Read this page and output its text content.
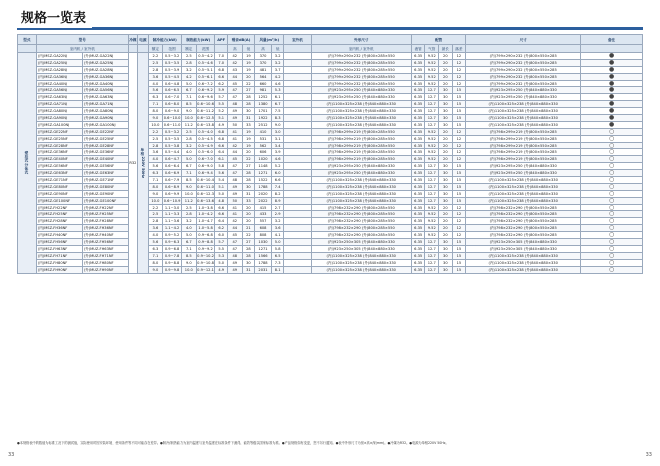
规格一览表
型式	型号		冷媒	电源	制冷能力(kW)		制热能力(kW)		APF	噪音dB(A)		风量(m³/h)		室外机	外形尺寸	配管				尺寸	备注
	室内机 / 室外机				额定	范围	额定	范围		高	低	高	低		室内机 / 室外机	液管	气管	最长	落差		
壁挂式 分体式	(内)MSZ-GA22NJ	(外)MUZ-GA22NJ	R32	单相 220V 50Hz	2.2	0.5~3.2	2.5	0.5~4.2	7.0	42	19	370	3.2		(内)799×290×232 (外)800×285×550	6.35	9.52	20	12	(内)799×290×232 (外)800×550×285	●
	(内)MSZ-GA25NJ	(外)MUZ-GA25NJ			2.5	0.5~3.5	2.8	0.5~4.6	7.0	42	19	370	3.2		(内)799×290×232 (外)800×285×550	6.35	9.52	20	12	(内)799×290×232 (外)800×550×285	●
	(内)MSZ-GA28NJ	(外)MUZ-GA28NJ			2.8	0.5~3.9	3.2	0.5~5.1	6.8	43	19	481	3.7		(内)799×290×232 (外)800×285×550	6.35	9.52	20	12	(内)799×290×232 (外)800×550×285	●
	(内)MSZ-GA36NJ	(外)MUZ-GA36NJ			3.6	0.5~4.5	4.2	0.5~6.1	6.6	44	20	564	4.2		(内)799×290×232 (外)800×285×550	6.35	9.52	20	12	(内)799×290×232 (外)800×550×285	●
	(内)MSZ-GA40NJ	(外)MUZ-GA40NJ			4.0	0.6~4.8	5.0	0.6~7.2	6.2	45	22	660	4.6		(内)799×290×232 (外)800×285×550	6.35	9.52	20	12	(内)799×290×232 (外)800×550×285	●
	(内)MSZ-GA56NJ	(外)MUZ-GA56NJ			5.6	0.6~6.5	6.7	0.6~9.2	5.9	47	27	981	5.3		(内)923×295×250 (外)840×880×330	6.35	12.7	30	15	(内)923×295×250 (外)840×880×330	●
	(内)MSZ-GA63NJ	(外)MUZ-GA63NJ			6.3	0.6~7.0	7.1	0.6~9.6	5.7	47	28	1252	6.1		(内)923×295×250 (外)840×880×330	6.35	12.7	30	15	(内)923×295×250 (外)840×880×330	●
	(内)MSZ-GA71NJ	(外)MUZ-GA71NJ			7.1	0.6~8.0	8.5	0.6~10.6	5.5	48	28	1380	6.7		(内)1100×325×238 (外)840×880×330	6.35	12.7	30	15	(内)1100×325×238 (外)840×880×330	●
	(内)MSZ-GA80NJ	(外)MUZ-GA80NJ			8.0	0.6~9.0	9.0	0.6~11.2	5.2	49	30	1701	7.5		(内)1100×325×238 (外)840×880×330	6.35	12.7	30	15	(内)1100×325×238 (外)840×880×330	●
	(内)MSZ-GA90NJ	(外)MUZ-GA90NJ			9.0	0.6~10.0	10.0	0.6~12.5	5.1	49	31	1922	8.3		(内)1100×325×238 (外)840×880×330	6.35	12.7	30	15	(内)1100×325×238 (外)840×880×330	●
	(内)MSZ-GA100NJ	(外)MUZ-GA100NJ			10.0	0.6~11.0	11.2	0.6~13.8	4.9	50	33	2512	9.0		(内)1100×325×238 (外)840×880×330	6.35	12.7	30	15	(内)1100×325×238 (外)840×880×330	●
	(内)MSZ-GE22NF	(外)MUZ-GE22NF			2.2	0.5~3.2	2.5	0.5~4.0	6.8	41	19	410	3.0		(内)798×299×219 (外)800×285×550	6.35	9.52	20	12	(内)798×299×219 (外)800×550×285	○
	(内)MSZ-GE25NF	(外)MUZ-GE25NF			2.5	0.5~3.5	2.8	0.5~4.5	6.8	41	19	531	3.1		(内)798×299×219 (外)800×285×550	6.35	9.52	20	12	(内)798×299×219 (外)800×550×285	○
	(内)MSZ-GE28NF	(外)MUZ-GE28NF			2.8	0.5~3.8	3.2	0.5~4.9	6.6	42	19	562	3.4		(内)798×299×219 (外)800×285×550	6.35	9.52	20	12	(内)798×299×219 (外)800×550×285	○
	(内)MSZ-GE36NF	(外)MUZ-GE36NF			3.6	0.5~4.4	4.0	0.5~6.0	6.4	44	20	606	3.9		(内)798×299×219 (外)800×285×550	6.35	9.52	20	12	(内)798×299×219 (外)800×550×285	○
	(内)MSZ-GE40NF	(外)MUZ-GE40NF			4.0	0.6~4.7	5.0	0.6~7.0	6.1	45	22	1020	4.6		(内)798×299×219 (外)800×285×550	6.35	9.52	20	12	(内)798×299×219 (外)800×550×285	○
	(内)MSZ-GE56NF	(外)MUZ-GE56NF			5.6	0.6~6.4	6.7	0.6~9.0	5.8	47	27	1148	5.2		(内)923×295×250 (外)840×880×330	6.35	12.7	30	15	(内)923×295×250 (外)840×880×330	○
	(内)MSZ-GE63NF	(外)MUZ-GE63NF			6.3	0.6~6.9	7.1	0.6~9.4	5.6	47	28	1271	6.0		(内)923×295×250 (外)840×880×330	6.35	12.7	30	15	(内)923×295×250 (外)840×880×330	○
	(内)MSZ-GE71NF	(外)MUZ-GE71NF			7.1	0.6~7.9	8.5	0.6~10.4	5.4	48	28	1522	6.6		(内)1100×325×238 (外)840×880×330	6.35	12.7	30	15	(内)1100×325×238 (外)840×880×330	○
	(内)MSZ-GE80NF	(外)MUZ-GE80NF			8.0	0.6~8.9	9.0	0.6~11.0	5.1	49	30	1788	7.4		(内)1100×325×238 (外)840×880×330	6.35	12.7	30	15	(内)1100×325×238 (外)840×880×330	○
	(内)MSZ-GE90NF	(外)MUZ-GE90NF			9.0	0.6~9.9	10.0	0.6~12.3	5.0	49	31	2020	8.2		(内)1100×325×238 (外)840×880×330	6.35	12.7	30	15	(内)1100×325×238 (外)840×880×330	○
	(内)MSZ-GE100NF	(外)MUZ-GE100NF			10.0	0.6~10.9	11.2	0.6~13.6	4.8	50	33	2022	8.9		(内)1100×325×238 (外)840×880×330	6.35	12.7	30	15	(内)1100×325×238 (外)840×880×330	○
	(内)MSZ-FH22NF	(外)MUZ-FH22NF			2.2	1.1~3.0	2.5	1.0~3.8	6.6	41	20	415	2.7		(内)798×232×290 (外)800×285×550	6.35	9.52	20	12	(内)798×232×290 (外)800×550×285	○
	(内)MSZ-FH25NF	(外)MUZ-FH25NF			2.5	1.1~3.3	2.8	1.0~4.2	6.6	41	20	433	2.9		(内)798×232×290 (外)800×285×550	6.35	9.52	20	12	(内)798×232×290 (外)800×550×285	○
	(内)MSZ-FH28NF	(外)MUZ-FH28NF			2.8	1.1~3.6	3.2	1.0~4.7	6.4	42	20	557	3.2		(内)798×232×290 (外)800×285×550	6.35	9.52	20	12	(内)798×232×290 (外)800×550×285	○
	(内)MSZ-FH36NF	(外)MUZ-FH36NF			3.6	1.1~4.2	4.0	1.0~5.8	6.2	44	21	608	3.6		(内)798×232×290 (外)800×285×550	6.35	9.52	20	12	(内)798×232×290 (外)800×550×285	○
	(内)MSZ-FH40NF	(外)MUZ-FH40NF			4.0	0.9~5.2	5.0	0.9~6.8	6.0	45	22	808	4.1		(内)798×232×290 (外)800×285×550	6.35	9.52	20	12	(内)798×232×290 (外)800×550×285	○
	(内)MSZ-FH56NF	(外)MUZ-FH56NF			5.6	0.9~6.3	6.7	0.9~8.8	5.7	47	27	1030	5.0		(内)923×250×305 (外)840×880×330	6.35	12.7	30	15	(内)923×250×305 (外)840×880×330	○
	(内)MSZ-FH63NF	(外)MUZ-FH63NF			6.3	0.9~6.8	7.1	0.9~9.2	5.5	47	28	1271	5.8		(内)923×250×305 (外)840×880×330	6.35	12.7	30	15	(内)923×250×305 (外)840×880×330	○
	(内)MSZ-FH71NF	(外)MUZ-FH71NF			7.1	0.9~7.8	8.5	0.9~10.2	5.3	48	28	1566	6.5		(内)1100×325×238 (外)840×880×330	6.35	12.7	30	15	(内)1100×325×238 (外)840×880×330	○
	(内)MSZ-FH80NF	(外)MUZ-FH80NF			8.0	0.9~8.8	9.0	0.9~10.8	5.0	49	30	1788	7.3		(内)1100×325×238 (外)840×880×330	6.35	12.7	30	15	(内)1100×325×238 (外)840×880×330	○
	(内)MSZ-FH90NF	(外)MUZ-FH90NF			9.0	0.9~9.8	10.0	0.9~12.1	4.9	49	31	2031	8.1		(内)1100×325×238 (外)840×880×330	6.35	12.7	30	15	(内)1100×325×238 (外)840×880×330	○
●本规格表中的数值为标准工况下的测试值，实际使用时因安装环境、使用条件等不同可能存在差异。●制冷/制热能力为室内温度与室外温度在标准条件下测得，能效等级以国家标准为准。●产品规格如有变更，恕不另行通知。●表中外形尺寸为宽×高×深(mm)。●冷媒为R32。●电源为单相220V 50Hz。
33	33
